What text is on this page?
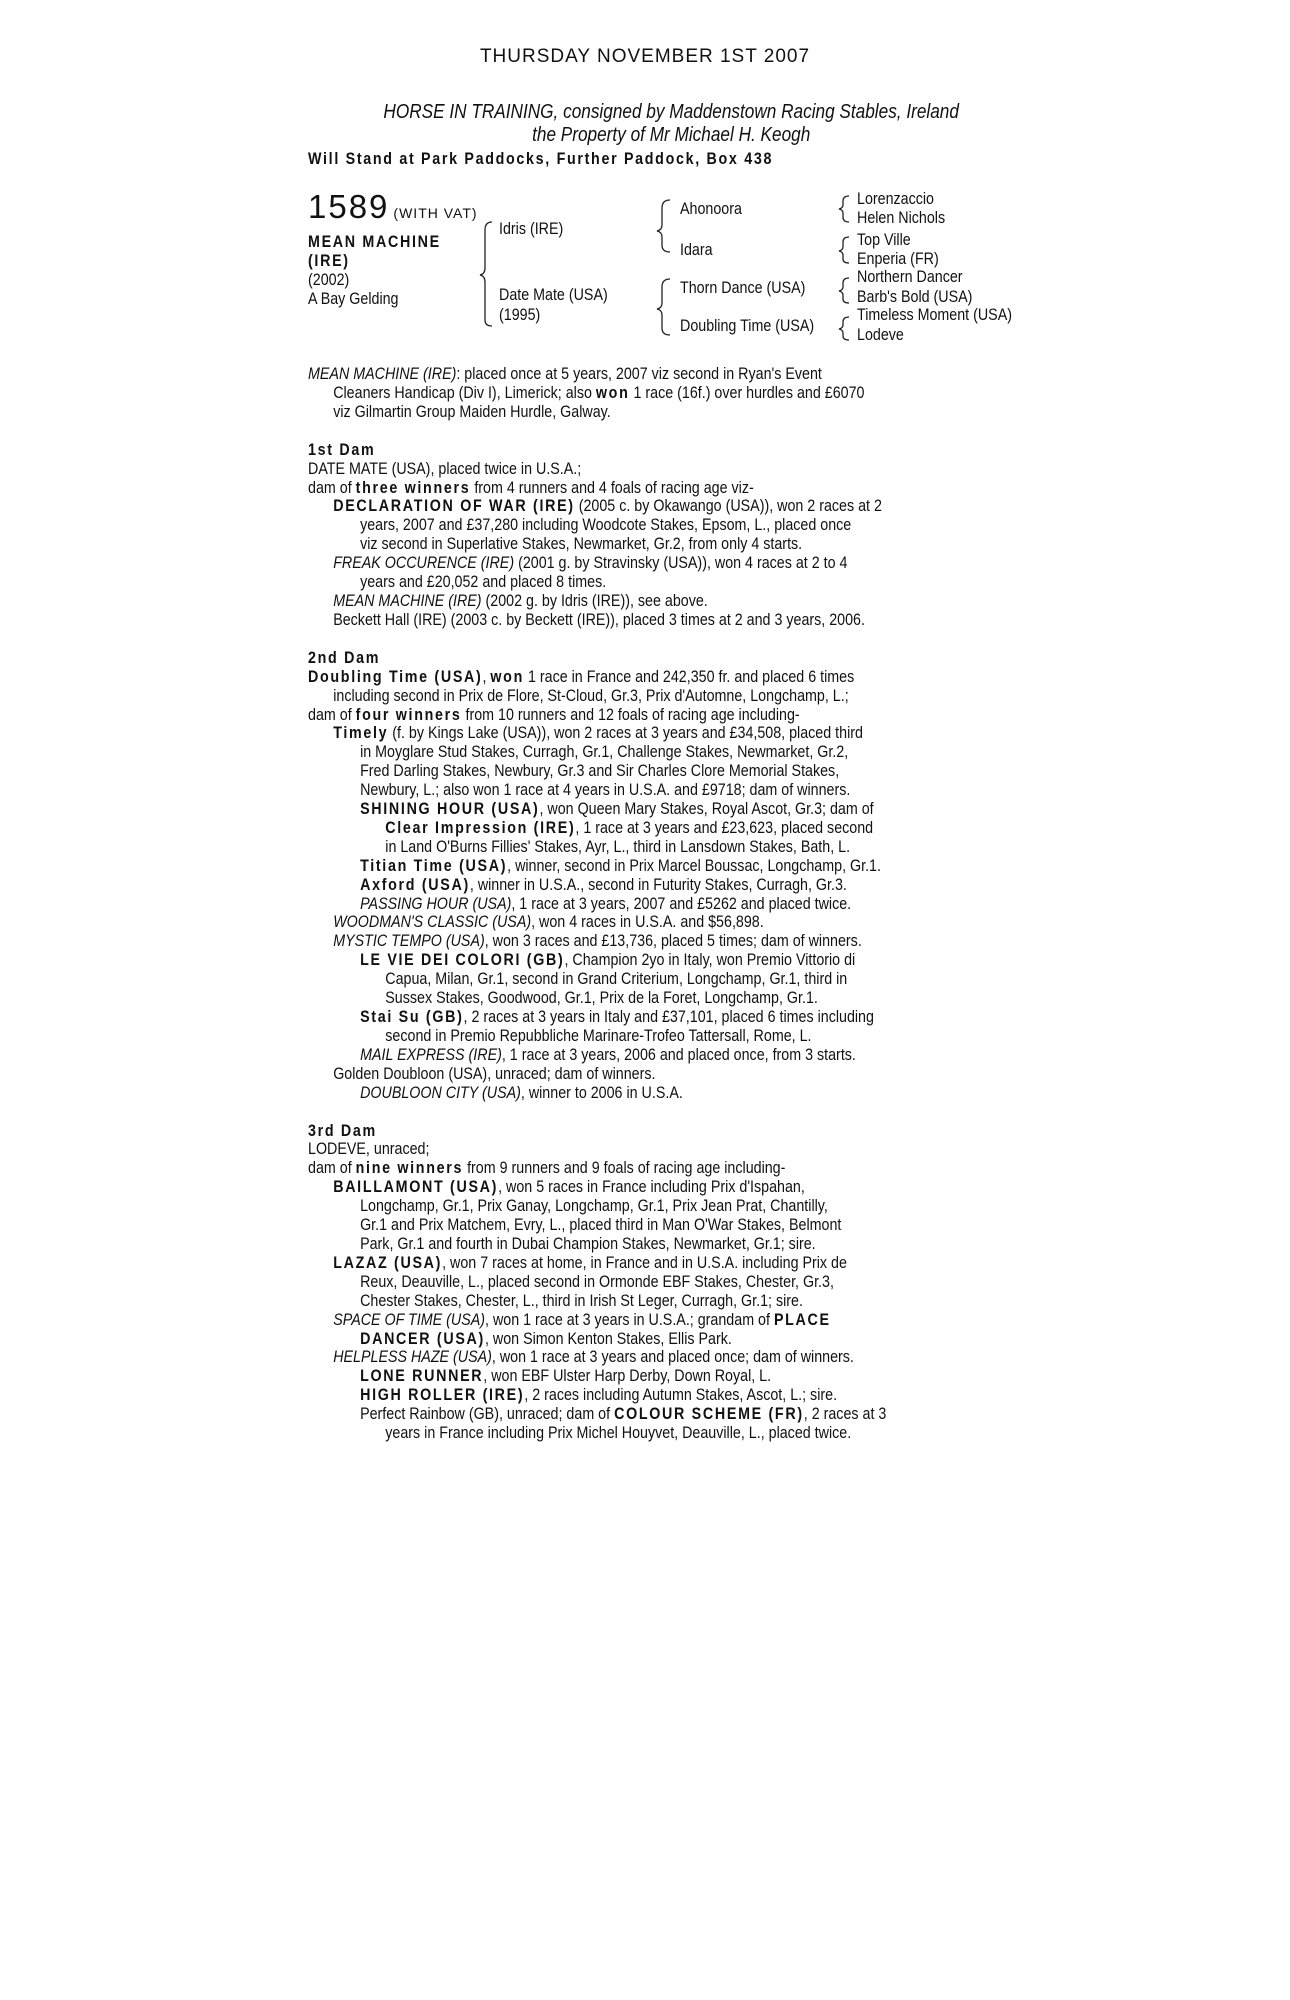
THURSDAY NOVEMBER 1ST 2007
HORSE IN TRAINING, consigned by Maddenstown Racing Stables, Ireland
the Property of Mr Michael H. Keogh
Will Stand at Park Paddocks, Further Paddock, Box 438
1589 (WITH VAT)
MEAN MACHINE
(IRE)
(2002)
A Bay Gelding
Idris (IRE)
Date Mate (USA)
(1995)
Ahonoora
Idara
Thorn Dance (USA)
Doubling Time (USA)
Lorenzaccio
Helen Nichols
Top Ville
Enperia (FR)
Northern Dancer
Barb's Bold (USA)
Timeless Moment (USA)
Lodeve
MEAN MACHINE (IRE): placed once at 5 years, 2007 viz second in Ryan's Event
Cleaners Handicap (Div I), Limerick; also won 1 race (16f.) over hurdles and £6070
viz Gilmartin Group Maiden Hurdle, Galway.
1st Dam
DATE MATE (USA), placed twice in U.S.A.;
dam of three winners from 4 runners and 4 foals of racing age viz-
DECLARATION OF WAR (IRE) (2005 c. by Okawango (USA)), won 2 races at 2
years, 2007 and £37,280 including Woodcote Stakes, Epsom, L., placed once
viz second in Superlative Stakes, Newmarket, Gr.2, from only 4 starts.
FREAK OCCURENCE (IRE) (2001 g. by Stravinsky (USA)), won 4 races at 2 to 4
years and £20,052 and placed 8 times.
MEAN MACHINE (IRE) (2002 g. by Idris (IRE)), see above.
Beckett Hall (IRE) (2003 c. by Beckett (IRE)), placed 3 times at 2 and 3 years, 2006.
2nd Dam
Doubling Time (USA), won 1 race in France and 242,350 fr. and placed 6 times
including second in Prix de Flore, St-Cloud, Gr.3, Prix d'Automne, Longchamp, L.;
dam of four winners from 10 runners and 12 foals of racing age including-
Timely (f. by Kings Lake (USA)), won 2 races at 3 years and £34,508, placed third
in Moyglare Stud Stakes, Curragh, Gr.1, Challenge Stakes, Newmarket, Gr.2,
Fred Darling Stakes, Newbury, Gr.3 and Sir Charles Clore Memorial Stakes,
Newbury, L.; also won 1 race at 4 years in U.S.A. and £9718; dam of winners.
SHINING HOUR (USA), won Queen Mary Stakes, Royal Ascot, Gr.3; dam of
Clear Impression (IRE), 1 race at 3 years and £23,623, placed second
in Land O'Burns Fillies' Stakes, Ayr, L., third in Lansdown Stakes, Bath, L.
Titian Time (USA), winner, second in Prix Marcel Boussac, Longchamp, Gr.1.
Axford (USA), winner in U.S.A., second in Futurity Stakes, Curragh, Gr.3.
PASSING HOUR (USA), 1 race at 3 years, 2007 and £5262 and placed twice.
WOODMAN'S CLASSIC (USA), won 4 races in U.S.A. and $56,898.
MYSTIC TEMPO (USA), won 3 races and £13,736, placed 5 times; dam of winners.
LE VIE DEI COLORI (GB), Champion 2yo in Italy, won Premio Vittorio di
Capua, Milan, Gr.1, second in Grand Criterium, Longchamp, Gr.1, third in
Sussex Stakes, Goodwood, Gr.1, Prix de la Foret, Longchamp, Gr.1.
Stai Su (GB), 2 races at 3 years in Italy and £37,101, placed 6 times including
second in Premio Repubbliche Marinare-Trofeo Tattersall, Rome, L.
MAIL EXPRESS (IRE), 1 race at 3 years, 2006 and placed once, from 3 starts.
Golden Doubloon (USA), unraced; dam of winners.
DOUBLOON CITY (USA), winner to 2006 in U.S.A.
3rd Dam
LODEVE, unraced;
dam of nine winners from 9 runners and 9 foals of racing age including-
BAILLAMONT (USA), won 5 races in France including Prix d'Ispahan,
Longchamp, Gr.1, Prix Ganay, Longchamp, Gr.1, Prix Jean Prat, Chantilly,
Gr.1 and Prix Matchem, Evry, L., placed third in Man O'War Stakes, Belmont
Park, Gr.1 and fourth in Dubai Champion Stakes, Newmarket, Gr.1; sire.
LAZAZ (USA), won 7 races at home, in France and in U.S.A. including Prix de
Reux, Deauville, L., placed second in Ormonde EBF Stakes, Chester, Gr.3,
Chester Stakes, Chester, L., third in Irish St Leger, Curragh, Gr.1; sire.
SPACE OF TIME (USA), won 1 race at 3 years in U.S.A.; grandam of PLACE
DANCER (USA), won Simon Kenton Stakes, Ellis Park.
HELPLESS HAZE (USA), won 1 race at 3 years and placed once; dam of winners.
LONE RUNNER, won EBF Ulster Harp Derby, Down Royal, L.
HIGH ROLLER (IRE), 2 races including Autumn Stakes, Ascot, L.; sire.
Perfect Rainbow (GB), unraced; dam of COLOUR SCHEME (FR), 2 races at 3
years in France including Prix Michel Houyvet, Deauville, L., placed twice.
